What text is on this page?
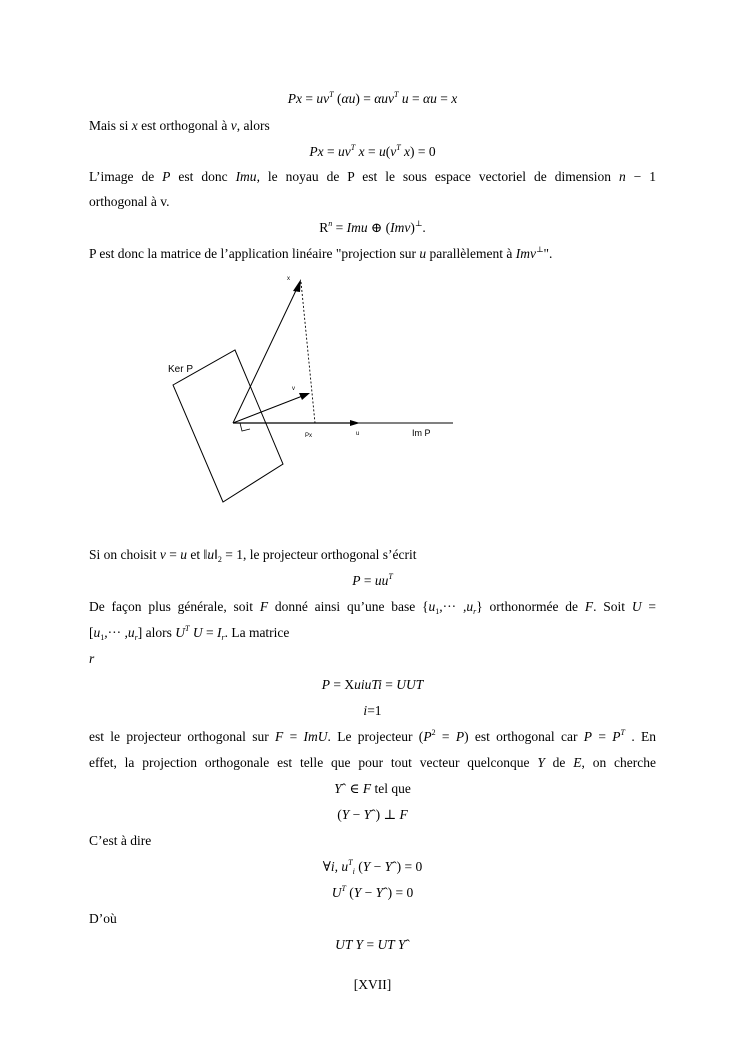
$Px = uv^T$ (αu) = αuv$^T$ u = αu = x
Mais si x est orthogonal à v, alors
$Px = uv^T$ $x = u(v^T$ x) = 0
L’image de P est donc Imu, le noyau de P est le sous espace vectoriel de dimension n − 1
orthogonal à v.
$R^n$ = Imu ⊕ (Imv)⊥.
P est donc la matrice de l’application linéaire "projection sur u parallèlement à Imv⊥".
Ker P
x
v
Px	u	Im P
Si on choisit v = u et $‖u‖_2 = 1$, le projecteur orthogonal s’écrit
$P = uu^T$
De façon plus générale, soit F donné ainsi qu’une base $\{u_1,\cdot\cdot\cdot ,u_r\}$ orthonormée de F. Soit U =
$[u_1,\cdot\cdot\cdot ,u_r]$ alors $U^T$ $U = I_r$. La matrice
r
P = XuiuTi = UUT
i=1
est le projecteur orthogonal sur F = ImU. Le projecteur $(P^2 = P)$ est orthogonal car $P = P^T$ . En
effet, la projection orthogonale est telle que pour tout vecteur quelconque Y de E, on cherche
Yˆ ∈ F tel que
(Y − Yˆ) ⊥ F
C’est à dire
∀i, $u^T_i$ (Y − Yˆ) = 0
$U^T$ (Y − Yˆ) = 0
D’où
UT Y = UT Yˆ
[XVII]
